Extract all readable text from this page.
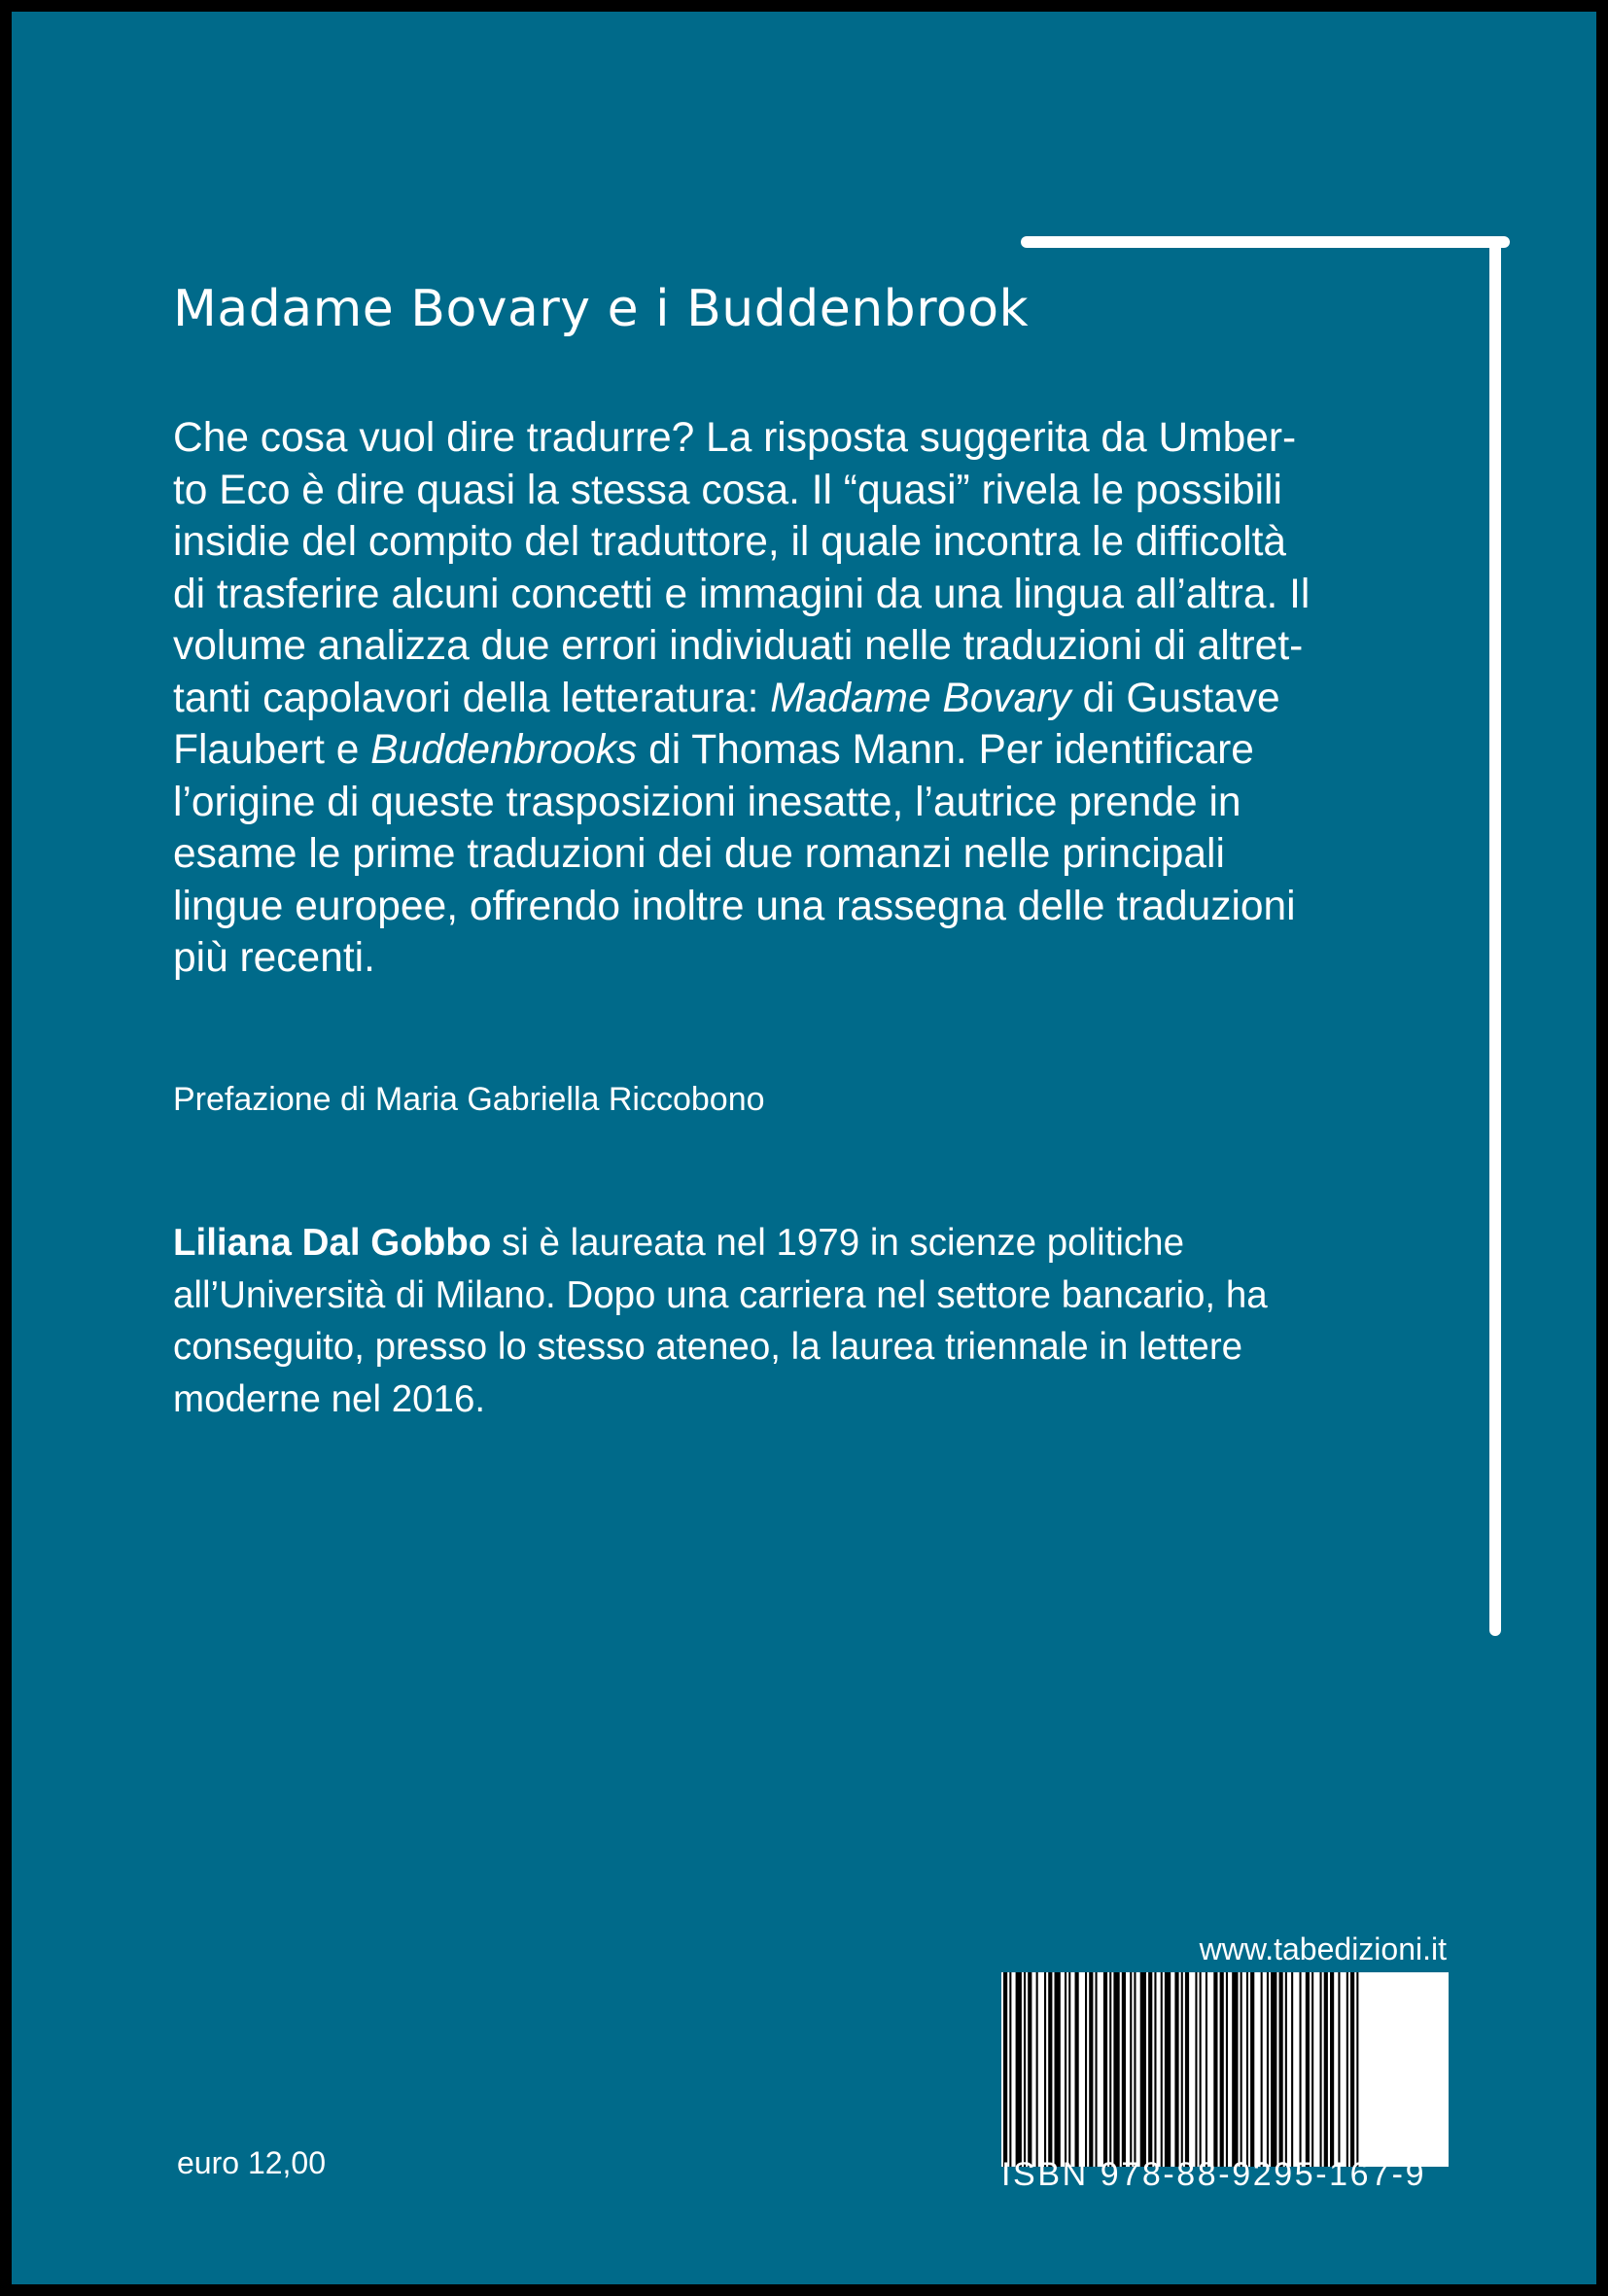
Madame Bovary e i Buddenbrook
Che cosa vuol dire tradurre? La risposta suggerita da Umber-
to Eco è dire quasi la stessa cosa. Il “quasi” rivela le possibili
insidie del compito del traduttore, il quale incontra le difficoltà
di trasferire alcuni concetti e immagini da una lingua all’altra. Il
volume analizza due errori individuati nelle traduzioni di altret-
tanti capolavori della letteratura: Madame Bovary di Gustave
Flaubert e Buddenbrooks di Thomas Mann. Per identificare
l’origine di queste trasposizioni inesatte, l’autrice prende in
esame le prime traduzioni dei due romanzi nelle principali
lingue europee, offrendo inoltre una rassegna delle traduzioni
più recenti.

Prefazione di Maria Gabriella Riccobono

Liliana Dal Gobbo si è laureata nel 1979 in scienze politiche
all’Università di Milano. Dopo una carriera nel settore bancario, ha
conseguito, presso lo stesso ateneo, la laurea triennale in lettere
moderne nel 2016.

www.tabedizioni.it

ISBN 978-88-9295-167-9

euro 12,00
